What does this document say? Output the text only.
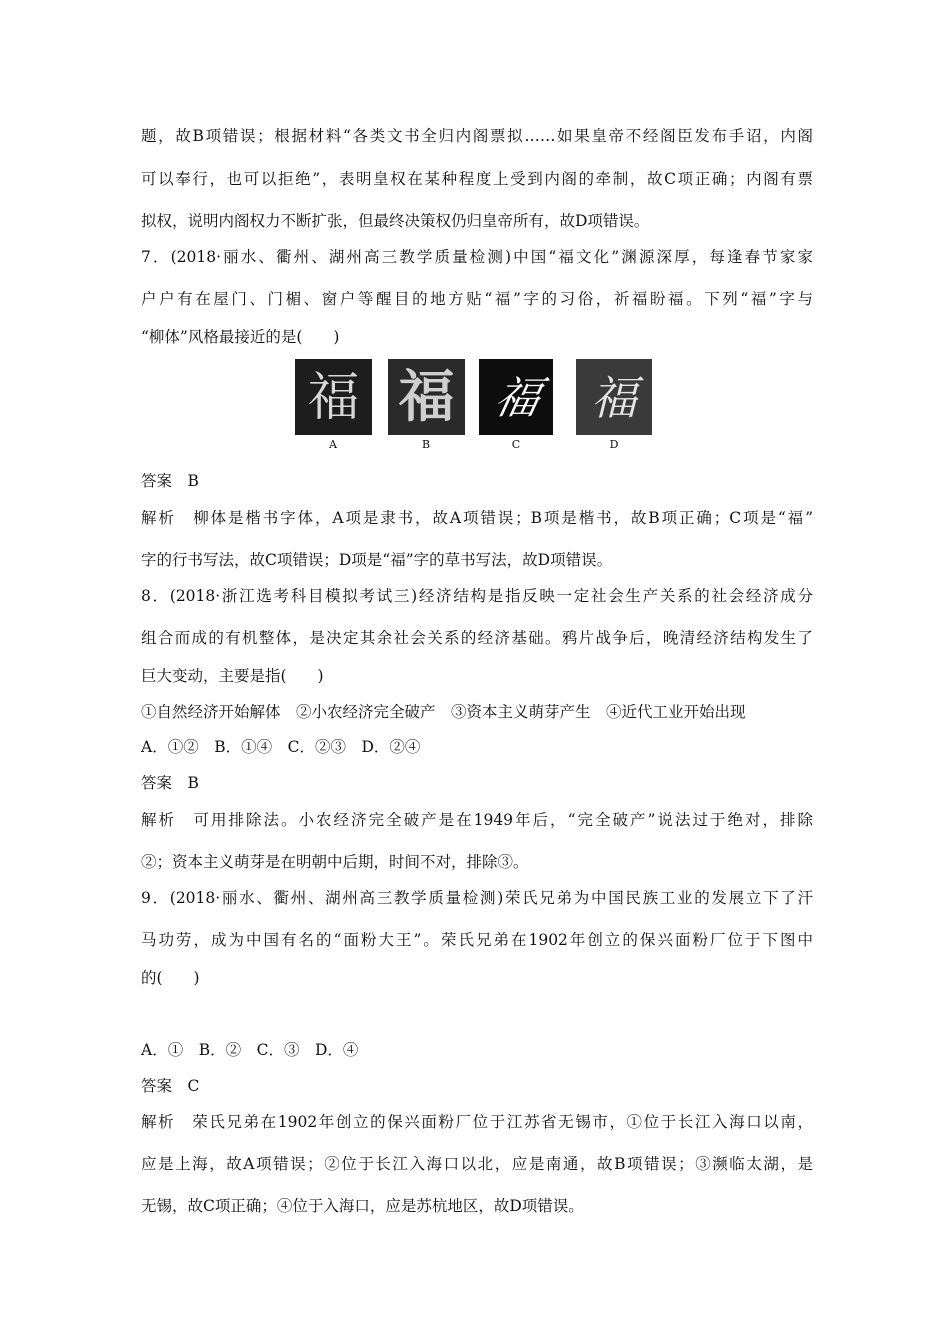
题，故B项错误；根据材料“各类文书全归内阁票拟……如果皇帝不经阁臣发布手诏，内阁
可以奉行，也可以拒绝”，表明皇权在某种程度上受到内阁的牵制，故C项正确；内阁有票
拟权，说明内阁权力不断扩张，但最终决策权仍归皇帝所有，故D项错误。
7．(2018·丽水、衢州、湖州高三教学质量检测)中国“福文化”渊源深厚，每逢春节家家
户户有在屋门、门楣、窗户等醒目的地方贴“福”字的习俗，祈福盼福。下列“福”字与
“柳体”风格最接近的是(　　)
福 福 福 福
A	B	C	D
答案　B
解析　柳体是楷书字体，A项是隶书，故A项错误；B项是楷书，故B项正确；C项是“福”
字的行书写法，故C项错误；D项是“福”字的草书写法，故D项错误。
8．(2018·浙江选考科目模拟考试三)经济结构是指反映一定社会生产关系的社会经济成分
组合而成的有机整体，是决定其余社会关系的经济基础。鸦片战争后，晚清经济结构发生了
巨大变动，主要是指(　　)
①自然经济开始解体　②小农经济完全破产　③资本主义萌芽产生　④近代工业开始出现
A．①②　B．①④　C．②③　D．②④
答案　B
解析　可用排除法。小农经济完全破产是在1949年后，“完全破产”说法过于绝对，排除
②；资本主义萌芽是在明朝中后期，时间不对，排除③。
9．(2018·丽水、衢州、湖州高三教学质量检测)荣氏兄弟为中国民族工业的发展立下了汗
马功劳，成为中国有名的“面粉大王”。荣氏兄弟在1902年创立的保兴面粉厂位于下图中
的(　　)
A．①　B．②　C．③　D．④
答案　C
解析　荣氏兄弟在1902年创立的保兴面粉厂位于江苏省无锡市，①位于长江入海口以南，
应是上海，故A项错误；②位于长江入海口以北，应是南通，故B项错误；③濒临太湖，是
无锡，故C项正确；④位于入海口，应是苏杭地区，故D项错误。
